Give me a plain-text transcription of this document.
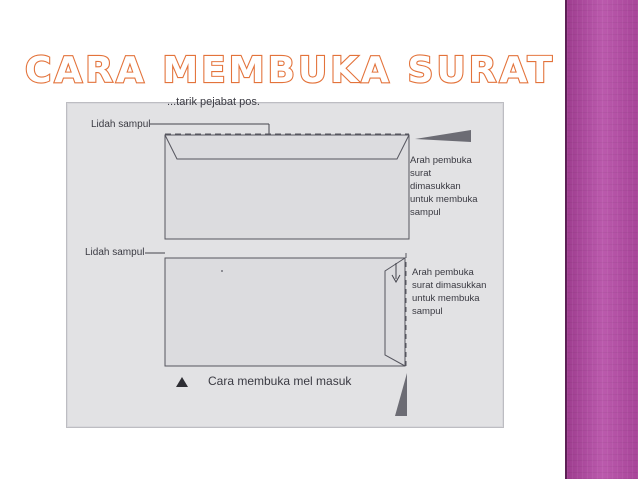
CARA MEMBUKA SURAT
...tarik pejabat pos.
Lidah sampul
Arah pembuka surat dimasukkan untuk membuka sampul
Lidah sampul
Arah pembuka surat dimasukkan untuk membuka sampul
Cara membuka mel masuk
